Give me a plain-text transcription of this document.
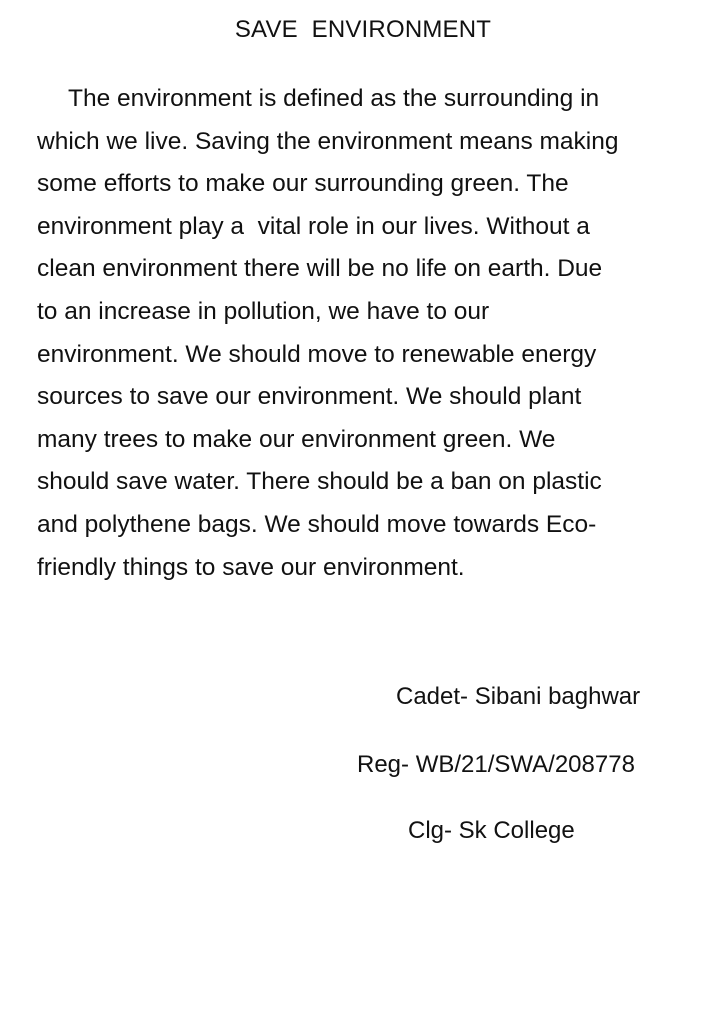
SAVE  ENVIRONMENT
The environment is defined as the surrounding in
which we live. Saving the environment means making
some efforts to make our surrounding green. The
environment play a  vital role in our lives. Without a
clean environment there will be no life on earth. Due
to an increase in pollution, we have to our
environment. We should move to renewable energy
sources to save our environment. We should plant
many trees to make our environment green. We
should save water. There should be a ban on plastic
and polythene bags. We should move towards Eco-
friendly things to save our environment.
Cadet- Sibani baghwar
Reg- WB/21/SWA/208778
Clg- Sk College
